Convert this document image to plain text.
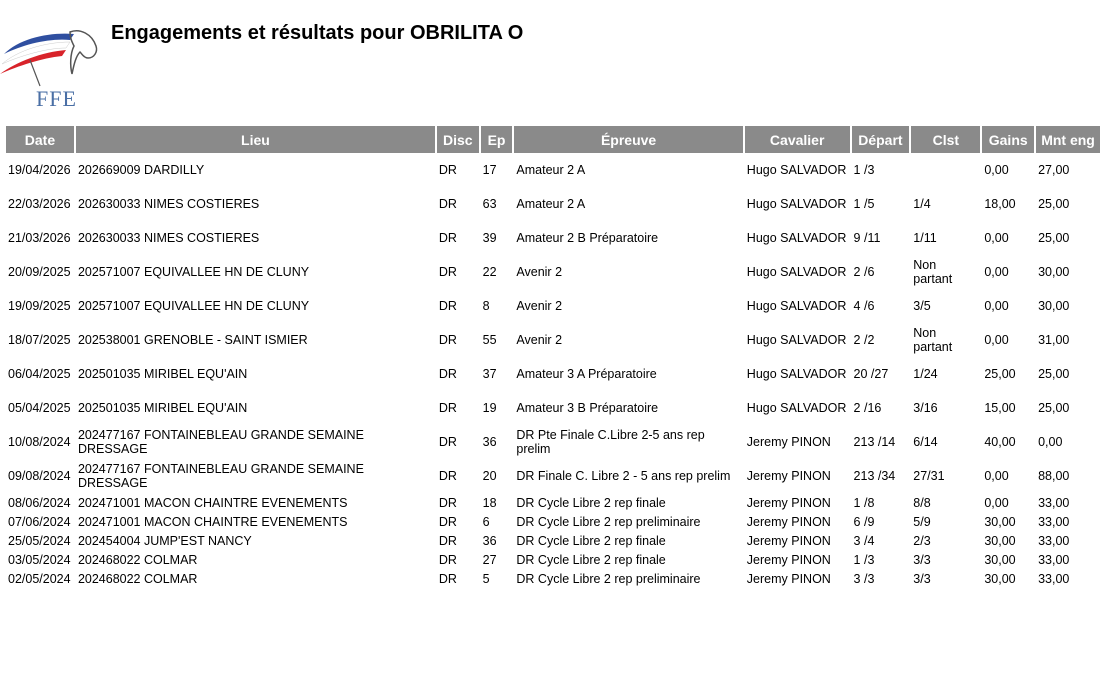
FFE
Engagements et résultats pour OBRILITA O
Date	Lieu	Disc	Ep	Épreuve	Cavalier	Départ	Clst	Gains	Mnt eng
19/04/2026	202669009 DARDILLY	DR	17	Amateur 2 A	Hugo SALVADOR	1 /3		0,00	27,00
22/03/2026	202630033 NIMES COSTIERES	DR	63	Amateur 2 A	Hugo SALVADOR	1 /5	1/4	18,00	25,00
21/03/2026	202630033 NIMES COSTIERES	DR	39	Amateur 2 B Préparatoire	Hugo SALVADOR	9 /11	1/11	0,00	25,00
20/09/2025	202571007 EQUIVALLEE HN DE CLUNY	DR	22	Avenir 2	Hugo SALVADOR	2 /6	Non partant	0,00	30,00
19/09/2025	202571007 EQUIVALLEE HN DE CLUNY	DR	8	Avenir 2	Hugo SALVADOR	4 /6	3/5	0,00	30,00
18/07/2025	202538001 GRENOBLE - SAINT ISMIER	DR	55	Avenir 2	Hugo SALVADOR	2 /2	Non partant	0,00	31,00
06/04/2025	202501035 MIRIBEL EQU'AIN	DR	37	Amateur 3 A Préparatoire	Hugo SALVADOR	20 /27	1/24	25,00	25,00
05/04/2025	202501035 MIRIBEL EQU'AIN	DR	19	Amateur 3 B Préparatoire	Hugo SALVADOR	2 /16	3/16	15,00	25,00
10/08/2024	202477167 FONTAINEBLEAU GRANDE SEMAINE DRESSAGE	DR	36	DR Pte Finale C.Libre 2-5 ans rep prelim	Jeremy PINON	213 /14	6/14	40,00	0,00
09/08/2024	202477167 FONTAINEBLEAU GRANDE SEMAINE DRESSAGE	DR	20	DR Finale C. Libre 2 - 5 ans rep prelim	Jeremy PINON	213 /34	27/31	0,00	88,00
08/06/2024	202471001 MACON CHAINTRE EVENEMENTS	DR	18	DR Cycle Libre 2 rep finale	Jeremy PINON	1 /8	8/8	0,00	33,00
07/06/2024	202471001 MACON CHAINTRE EVENEMENTS	DR	6	DR Cycle Libre 2 rep preliminaire	Jeremy PINON	6 /9	5/9	30,00	33,00
25/05/2024	202454004 JUMP'EST NANCY	DR	36	DR Cycle Libre 2 rep finale	Jeremy PINON	3 /4	2/3	30,00	33,00
03/05/2024	202468022 COLMAR	DR	27	DR Cycle Libre 2 rep finale	Jeremy PINON	1 /3	3/3	30,00	33,00
02/05/2024	202468022 COLMAR	DR	5	DR Cycle Libre 2 rep preliminaire	Jeremy PINON	3 /3	3/3	30,00	33,00
